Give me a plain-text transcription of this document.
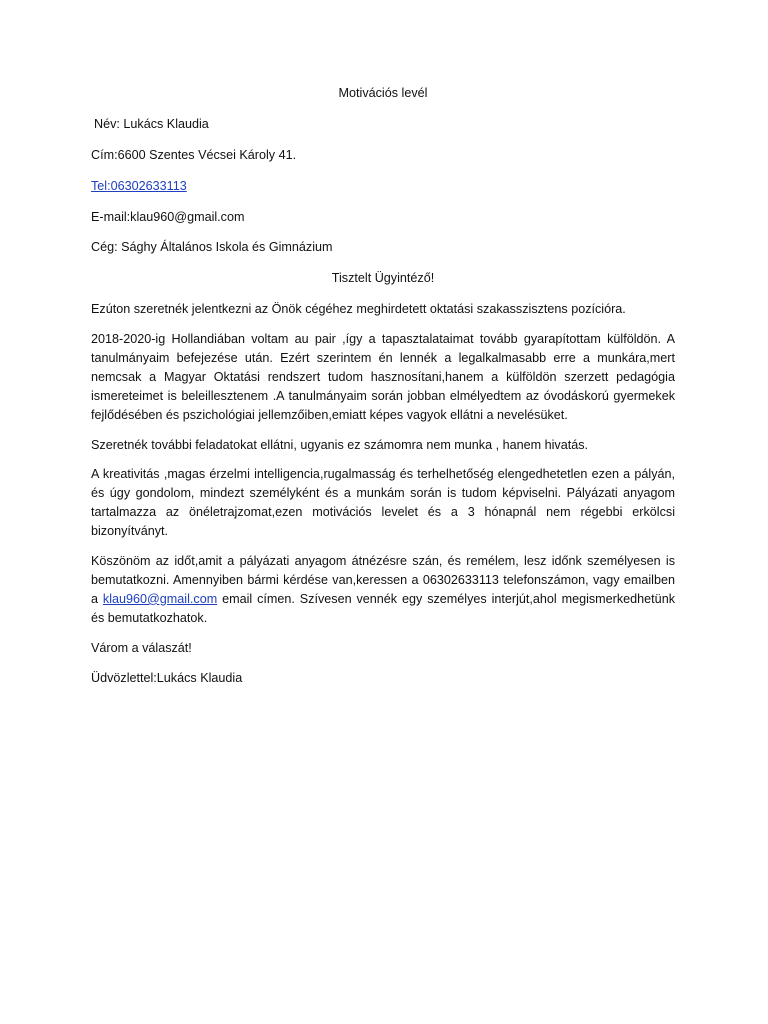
Motivációs levél
Név: Lukács Klaudia
Cím:6600 Szentes Vécsei Károly 41.
Tel:06302633113
E-mail:klau960@gmail.com
Cég: Sághy Általános Iskola és Gimnázium
Tisztelt Ügyintéző!

Ezúton szeretnék jelentkezni az Önök cégéhez meghirdetett oktatási szakasszisztens pozícióra.

2018-2020-ig Hollandiában voltam au pair ,így a tapasztalataimat tovább gyarapítottam külföldön. A tanulmányaim befejezése után. Ezért szerintem én lennék a legalkalmasabb erre a munkára,mert nemcsak a Magyar Oktatási rendszert tudom hasznosítani,hanem a külföldön szerzett pedagógia ismereteimet is beleillesztenem .A tanulmányaim során jobban elmélyedtem az óvodáskorú gyermekek fejlődésében és pszichológiai jellemzőiben,emiatt képes vagyok ellátni a nevelésüket.

Szeretnék további feladatokat ellátni, ugyanis ez számomra nem munka , hanem hivatás.

A kreativitás ,magas érzelmi intelligencia,rugalmasság és terhelhetőség elengedhetetlen ezen a pályán, és úgy gondolom, mindezt személyként és a munkám során is tudom képviselni. Pályázati anyagom tartalmazza az önéletrajzomat,ezen motivációs levelet és a 3 hónapnál nem régebbi erkölcsi bizonyítványt.

Köszönöm az időt,amit a pályázati anyagom átnézésre szán, és remélem, lesz időnk személyesen is bemutatkozni. Amennyiben bármi kérdése van,keressen a 06302633113 telefonszámon, vagy emailben a klau960@gmail.com email címen. Szívesen vennék egy személyes interjút,ahol megismerkedhetünk és bemutatkozhatok.

Várom a válaszát!
Üdvözlettel:Lukács Klaudia
